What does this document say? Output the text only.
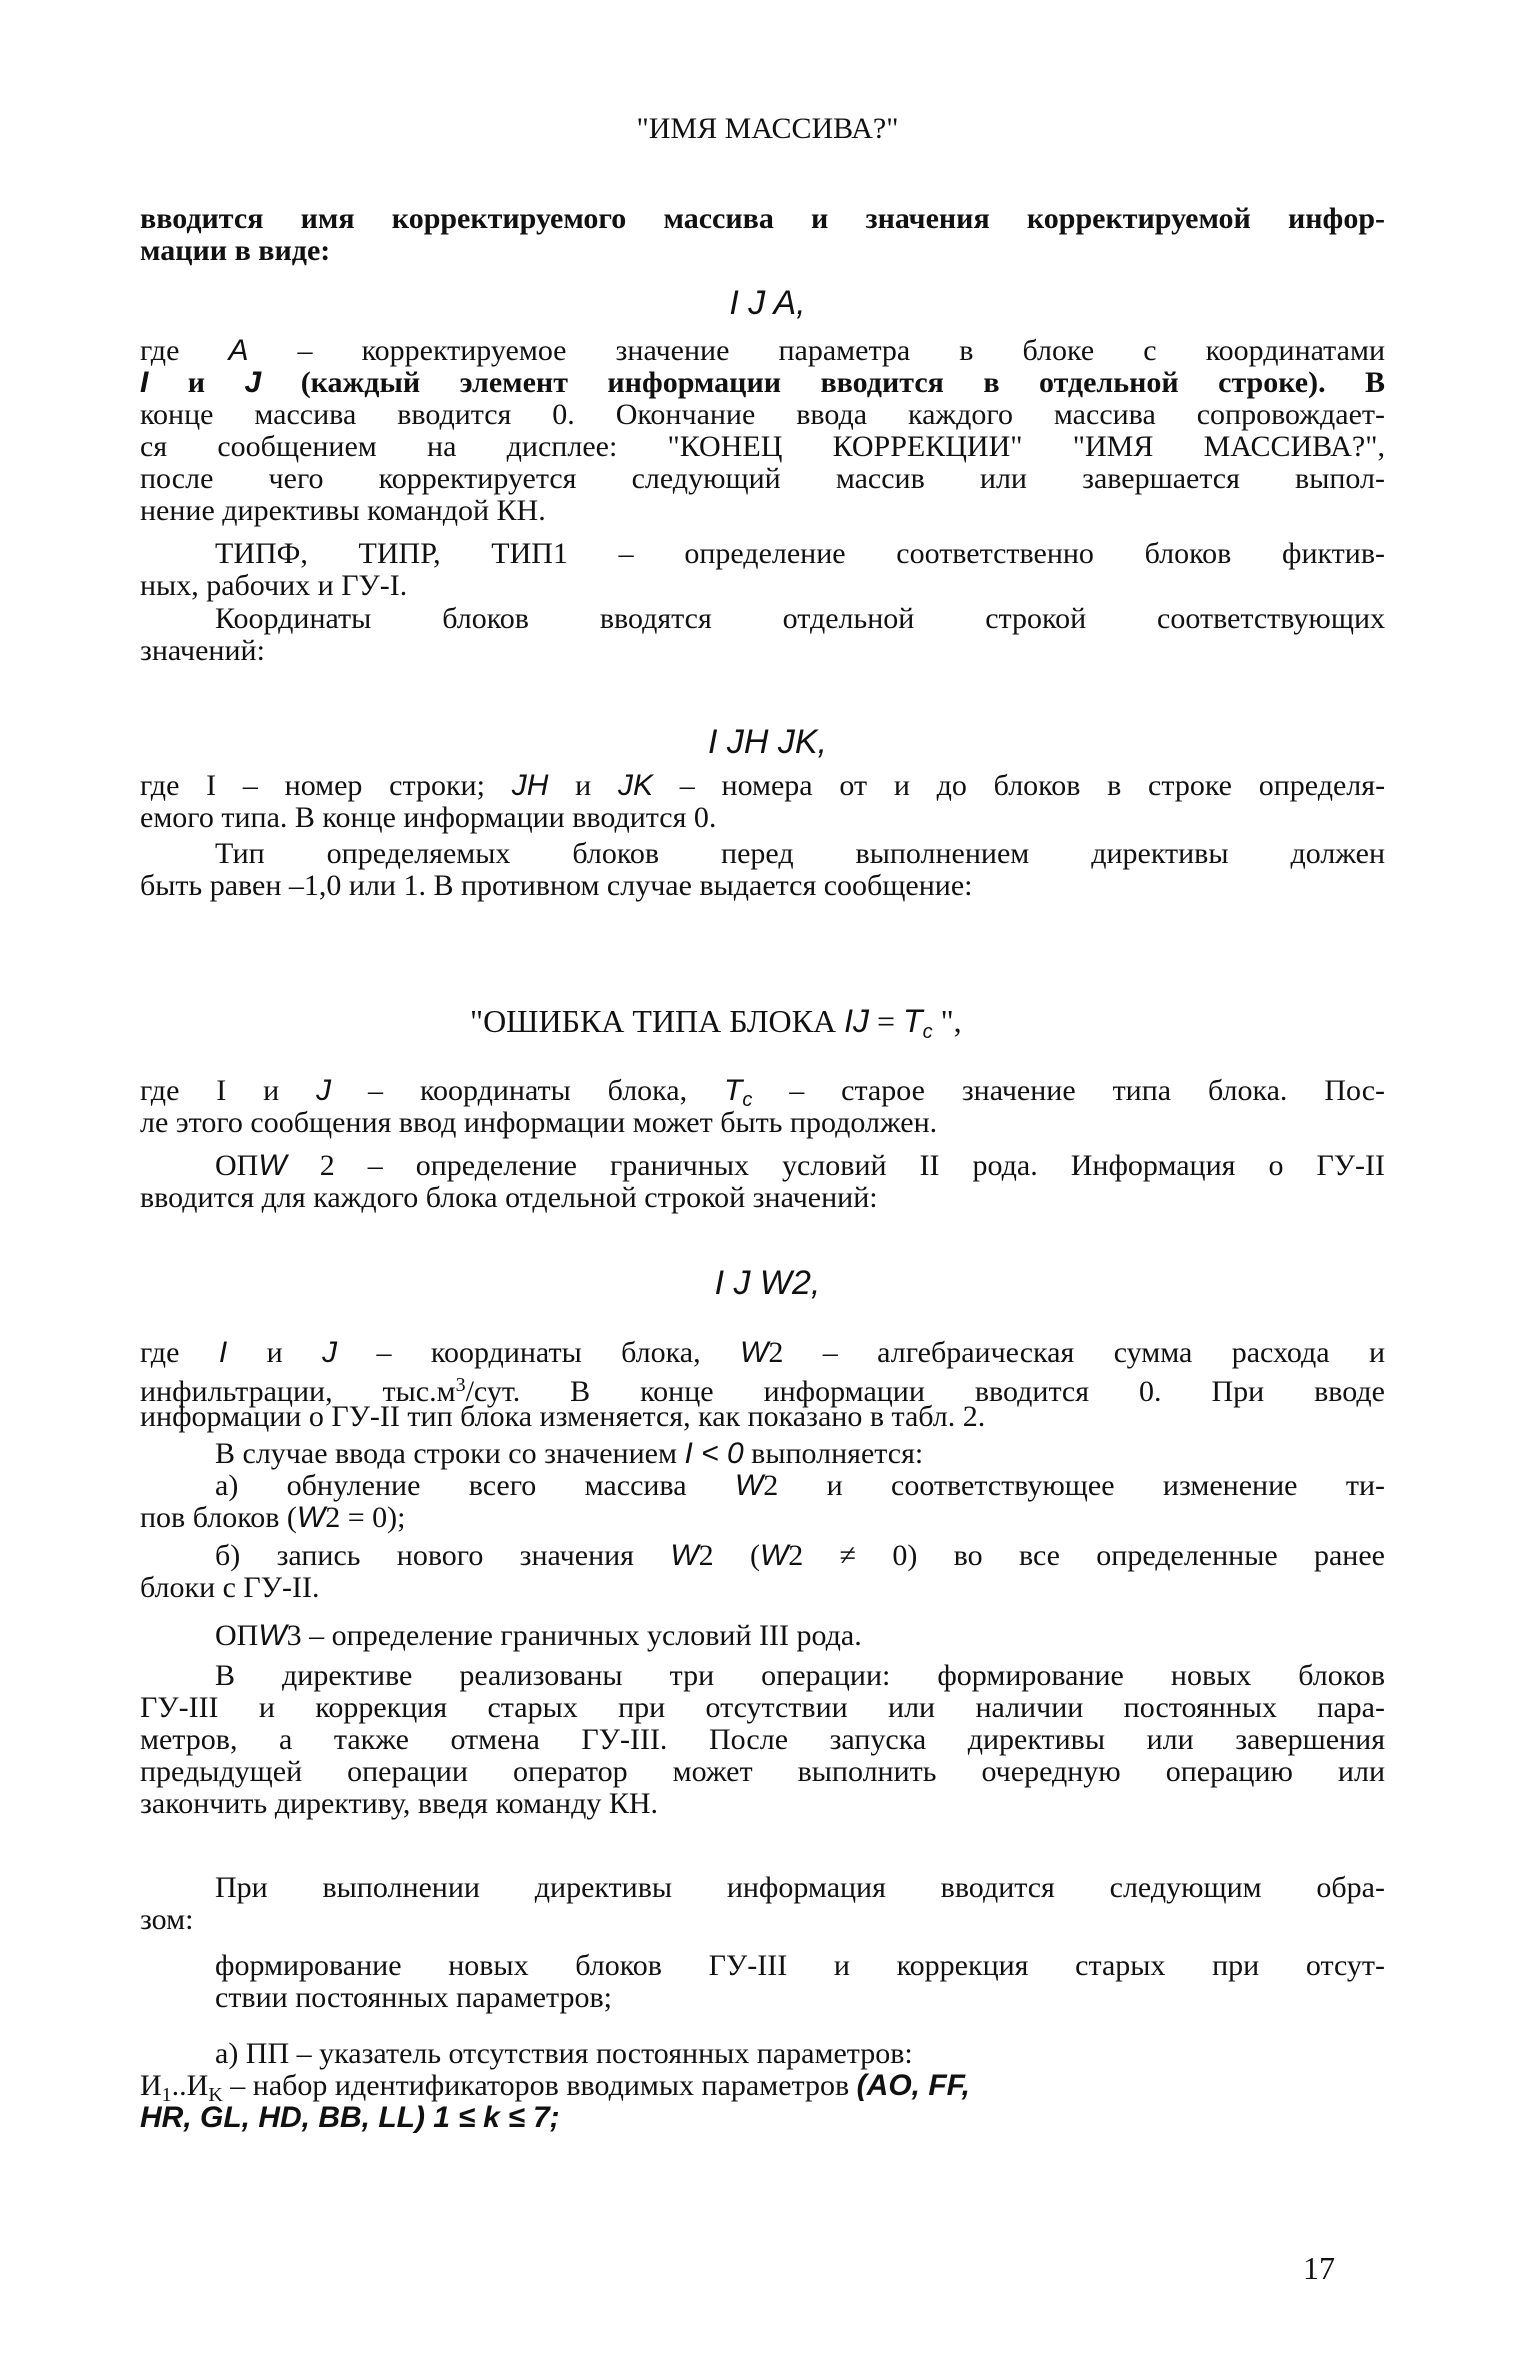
"ИМЯ МАССИВА?"
вводится имя корректируемого массива и значения корректируемой инфор-
мации в виде:
I J A,
где A – корректируемое значение параметра в блоке с координатами
I и J (каждый элемент информации вводится в отдельной строке). В
конце массива вводится 0. Окончание ввода каждого массива сопровождает-
ся сообщением на дисплее: "КОНЕЦ КОРРЕКЦИИ" "ИМЯ МАССИВА?",
после чего корректируется следующий массив или завершается выпол-
нение директивы командой КН.
ТИПФ, ТИПР, ТИП1 – определение соответственно блоков фиктив-
ных, рабочих и ГУ-I.
Координаты блоков вводятся отдельной строкой соответствующих
значений:
I JH JK,
где I – номер строки; JH и JK – номера от и до блоков в строке определя-
емого типа. В конце информации вводится 0.
Тип определяемых блоков перед выполнением директивы должен
быть равен –1,0 или 1. В противном случае выдается сообщение:
"ОШИБКА ТИПА БЛОКА IJ = $T_c$ ",
где I и J – координаты блока, $T_c$ – старое значение типа блока. Пос-
ле этого сообщения ввод информации может быть продолжен.
ОПW 2 – определение граничных условий II рода. Информация о ГУ-II
вводится для каждого блока отдельной строкой значений:
I J W2,
где I и J – координаты блока, W2 – алгебраическая сумма расхода и
инфильтрации, $тыс.м^3$/сут. В конце информации вводится 0. При вводе
информации о ГУ-II тип блока изменяется, как показано в табл. 2.
В случае ввода строки со значением I < 0 выполняется:
а) обнуление всего массива W2 и соответствующее изменение ти-
пов блоков (W2 = 0);
б) запись нового значения W2 (W2 ≠ 0) во все определенные ранее
блоки с ГУ-II.
ОПW3 – определение граничных условий III рода.
В директиве реализованы три операции: формирование новых блоков
ГУ-III и коррекция старых при отсутствии или наличии постоянных пара-
метров, а также отмена ГУ-III. После запуска директивы или завершения
предыдущей операции оператор может выполнить очередную операцию или
закончить директиву, введя команду КН.
При выполнении директивы информация вводится следующим обра-
зом:
формирование новых блоков ГУ-III и коррекция старых при отсут-
ствии постоянных параметров;
а) ПП – указатель отсутствия постоянных параметров:
$И_1..И_K$ – набор идентификаторов вводимых параметров (AO, FF,
HR, GL, HD, BB, LL) 1 ≤ k ≤ 7;
17
